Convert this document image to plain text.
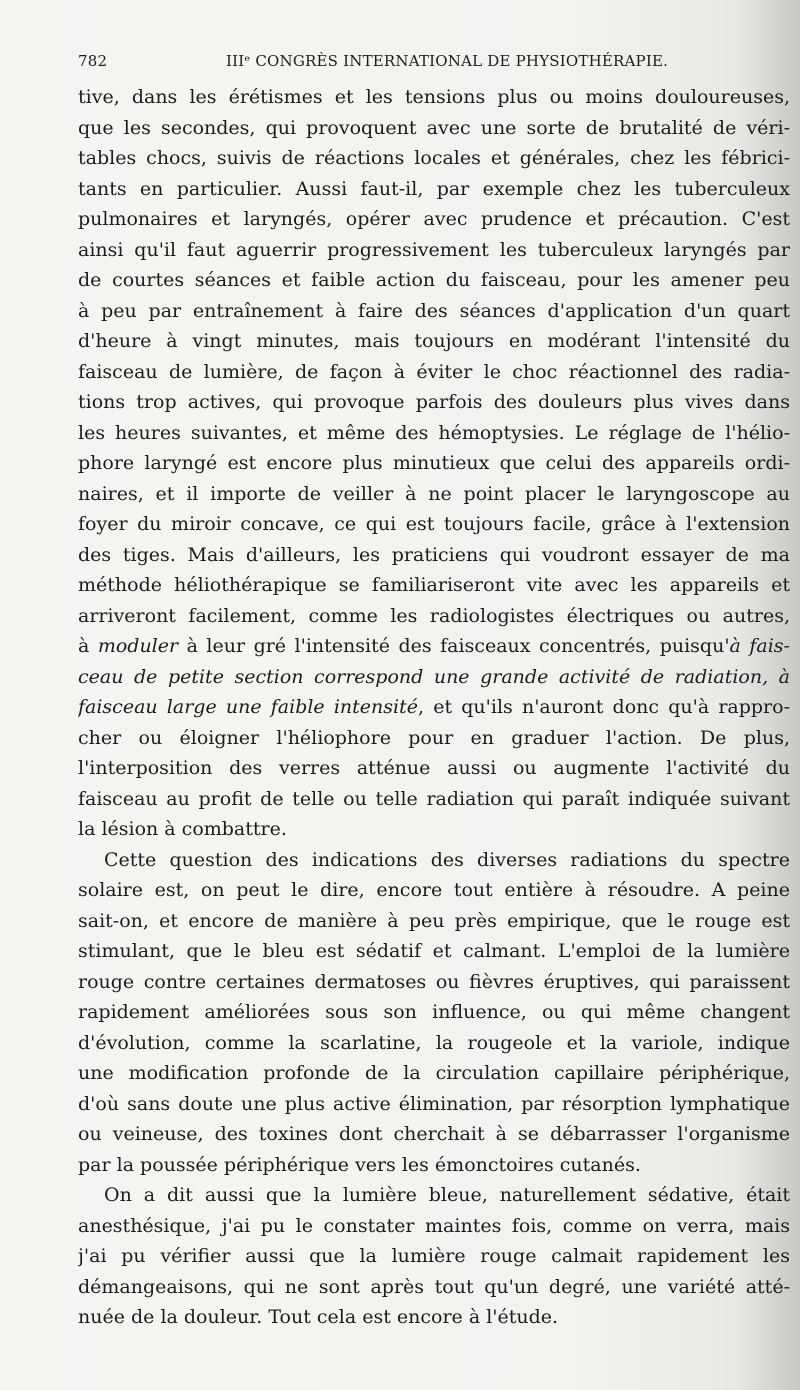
782	IIIᵉ CONGRÈS INTERNATIONAL DE PHYSIOTHÉRAPIE.
tive, dans les érétismes et les tensions plus ou moins douloureuses,
que les secondes, qui provoquent avec une sorte de brutalité de véri-
tables chocs, suivis de réactions locales et générales, chez les fébrici-
tants en particulier. Aussi faut-il, par exemple chez les tuberculeux
pulmonaires et laryngés, opérer avec prudence et précaution. C'est
ainsi qu'il faut aguerrir progressivement les tuberculeux laryngés par
de courtes séances et faible action du faisceau, pour les amener peu
à peu par entraînement à faire des séances d'application d'un quart
d'heure à vingt minutes, mais toujours en modérant l'intensité du
faisceau de lumière, de façon à éviter le choc réactionnel des radia-
tions trop actives, qui provoque parfois des douleurs plus vives dans
les heures suivantes, et même des hémoptysies. Le réglage de l'hélio-
phore laryngé est encore plus minutieux que celui des appareils ordi-
naires, et il importe de veiller à ne point placer le laryngoscope au
foyer du miroir concave, ce qui est toujours facile, grâce à l'extension
des tiges. Mais d'ailleurs, les praticiens qui voudront essayer de ma
méthode héliothérapique se familiariseront vite avec les appareils et
arriveront facilement, comme les radiologistes électriques ou autres,
à moduler à leur gré l'intensité des faisceaux concentrés, puisqu'à fais-
ceau de petite section correspond une grande activité de radiation, à
faisceau large une faible intensité, et qu'ils n'auront donc qu'à rappro-
cher ou éloigner l'héliophore pour en graduer l'action. De plus,
l'interposition des verres atténue aussi ou augmente l'activité du
faisceau au profit de telle ou telle radiation qui paraît indiquée suivant
la lésion à combattre.
Cette question des indications des diverses radiations du spectre
solaire est, on peut le dire, encore tout entière à résoudre. A peine
sait-on, et encore de manière à peu près empirique, que le rouge est
stimulant, que le bleu est sédatif et calmant. L'emploi de la lumière
rouge contre certaines dermatoses ou fièvres éruptives, qui paraissent
rapidement améliorées sous son influence, ou qui même changent
d'évolution, comme la scarlatine, la rougeole et la variole, indique
une modification profonde de la circulation capillaire périphérique,
d'où sans doute une plus active élimination, par résorption lymphatique
ou veineuse, des toxines dont cherchait à se débarrasser l'organisme
par la poussée périphérique vers les émonctoires cutanés.
On a dit aussi que la lumière bleue, naturellement sédative, était
anesthésique, j'ai pu le constater maintes fois, comme on verra, mais
j'ai pu vérifier aussi que la lumière rouge calmait rapidement les
démangeaisons, qui ne sont après tout qu'un degré, une variété atté-
nuée de la douleur. Tout cela est encore à l'étude.
